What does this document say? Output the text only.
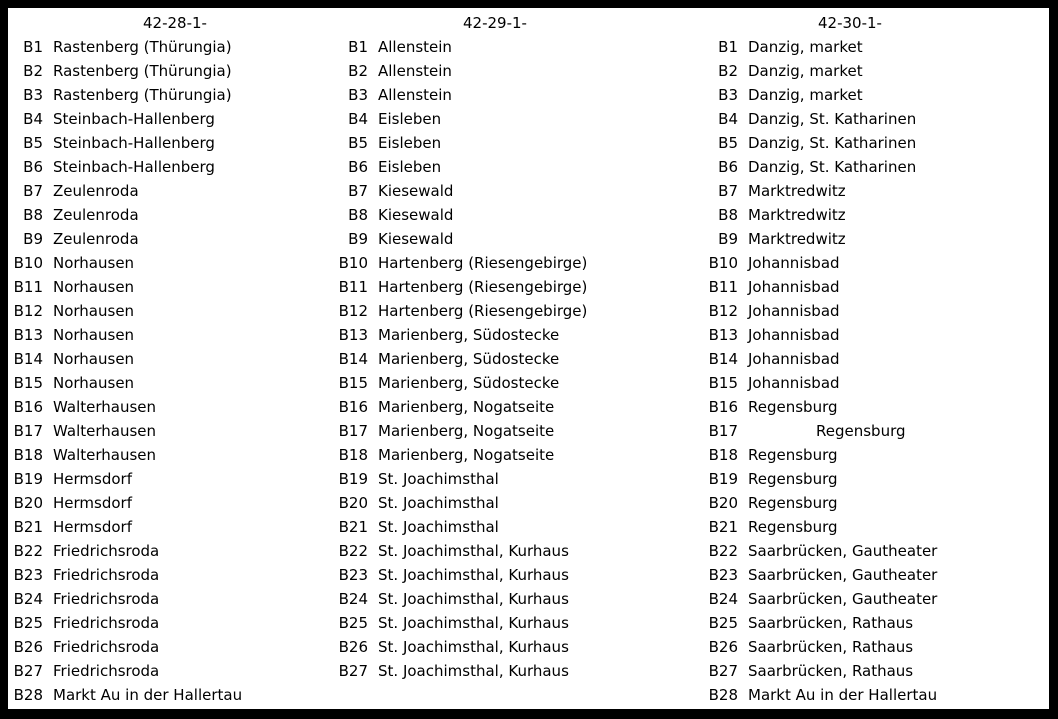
42-28-1-
B1 Rastenberg (Thürungia)
B2 Rastenberg (Thürungia)
B3 Rastenberg (Thürungia)
B4 Steinbach-Hallenberg
B5 Steinbach-Hallenberg
B6 Steinbach-Hallenberg
B7 Zeulenroda
B8 Zeulenroda
B9 Zeulenroda
B10 Norhausen
B11 Norhausen
B12 Norhausen
B13 Norhausen
B14 Norhausen
B15 Norhausen
B16 Walterhausen
B17 Walterhausen
B18 Walterhausen
B19 Hermsdorf
B20 Hermsdorf
B21 Hermsdorf
B22 Friedrichsroda
B23 Friedrichsroda
B24 Friedrichsroda
B25 Friedrichsroda
B26 Friedrichsroda
B27 Friedrichsroda
B28 Markt Au in der Hallertau
42-29-1-
B1 Allenstein
B2 Allenstein
B3 Allenstein
B4 Eisleben
B5 Eisleben
B6 Eisleben
B7 Kiesewald
B8 Kiesewald
B9 Kiesewald
B10 Hartenberg (Riesengebirge)
B11 Hartenberg (Riesengebirge)
B12 Hartenberg (Riesengebirge)
B13 Marienberg, Südostecke
B14 Marienberg, Südostecke
B15 Marienberg, Südostecke
B16 Marienberg, Nogatseite
B17 Marienberg, Nogatseite
B18 Marienberg, Nogatseite
B19 St. Joachimsthal
B20 St. Joachimsthal
B21 St. Joachimsthal
B22 St. Joachimsthal, Kurhaus
B23 St. Joachimsthal, Kurhaus
B24 St. Joachimsthal, Kurhaus
B25 St. Joachimsthal, Kurhaus
B26 St. Joachimsthal, Kurhaus
B27 St. Joachimsthal, Kurhaus
42-30-1-
B1 Danzig, market
B2 Danzig, market
B3 Danzig, market
B4 Danzig, St. Katharinen
B5 Danzig, St. Katharinen
B6 Danzig, St. Katharinen
B7 Marktredwitz
B8 Marktredwitz
B9 Marktredwitz
B10 Johannisbad
B11 Johannisbad
B12 Johannisbad
B13 Johannisbad
B14 Johannisbad
B15 Johannisbad
B16 Regensburg
B17	Regensburg
B18 Regensburg
B19 Regensburg
B20 Regensburg
B21 Regensburg
B22 Saarbrücken, Gautheater
B23 Saarbrücken, Gautheater
B24 Saarbrücken, Gautheater
B25 Saarbrücken, Rathaus
B26 Saarbrücken, Rathaus
B27 Saarbrücken, Rathaus
B28 Markt Au in der Hallertau
